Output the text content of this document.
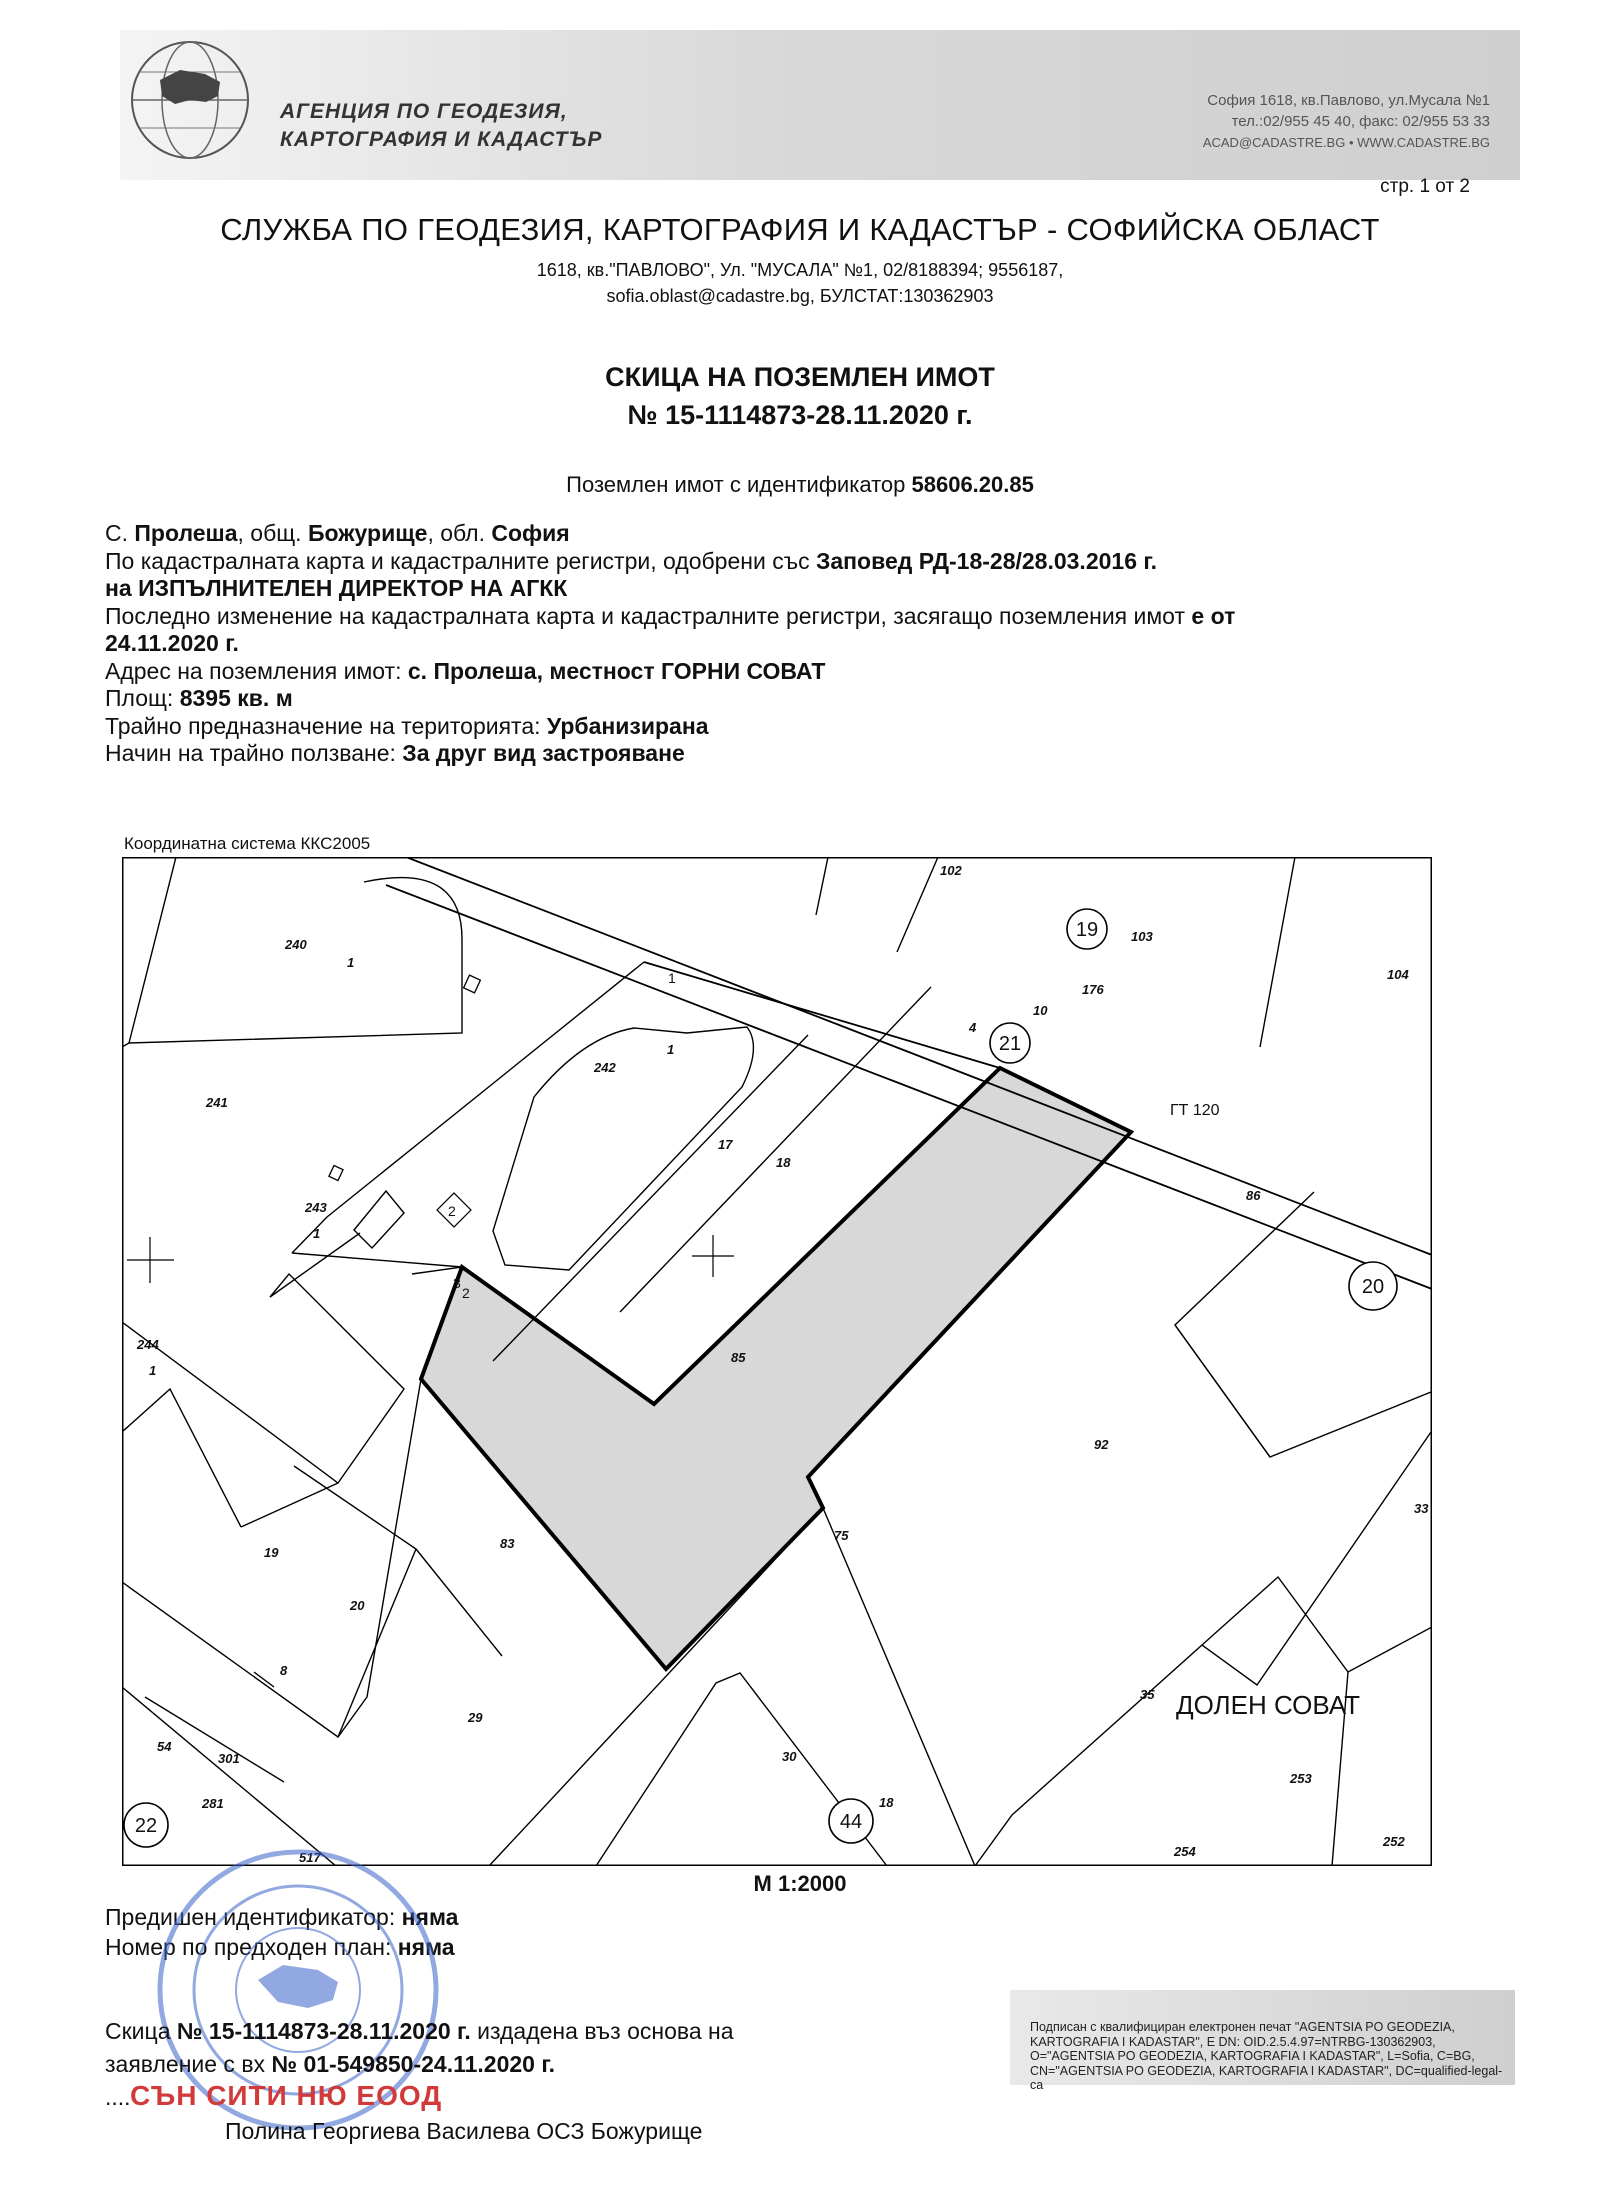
АГЕНЦИЯ ПО ГЕОДЕЗИЯ,
КАРТОГРАФИЯ И КАДАСТЪР
София 1618, кв.Павлово, ул.Мусала №1
тел.:02/955 45 40, факс: 02/955 53 33
ACAD@CADASTRE.BG • WWW.CADASTRE.BG
стр. 1 от 2
СЛУЖБА ПО ГЕОДЕЗИЯ, КАРТОГРАФИЯ И КАДАСТЪР - СОФИЙСКА ОБЛАСТ
1618, кв."ПАВЛОВО", Ул. "МУСАЛА" №1, 02/8188394; 9556187,
sofia.oblast@cadastre.bg, БУЛСТАТ:130362903
СКИЦА НА ПОЗЕМЛЕН ИМОТ
№ 15-1114873-28.11.2020 г.
Поземлен имот с идентификатор 58606.20.85
С. Пролеша, общ. Божурище, обл. София
По кадастралната карта и кадастралните регистри, одобрени със Заповед РД-18-28/28.03.2016 г.
на ИЗПЪЛНИТЕЛЕН ДИРЕКТОР НА АГКК
Последно изменение на кадастралната карта и кадастралните регистри, засягащо поземления имот е от
24.11.2020 г.
Адрес на поземления имот: с. Пролеша, местност ГОРНИ СОВАТ
Площ: 8395 кв. м
Трайно предназначение на територията: Урбанизирана
Начин на трайно ползване: За друг вид застрояване
Координатна система ККС2005
19
21
20
22	44
240
1
241
242
1
243
1
244
1
102
103
104
176
10
4
17
18
85
86
92
83
19
20
29
8
54
301
281
517
30
18
75
35
253
252
254
33
2
3
2
1
ГТ 120
ДОЛЕН СОВАТ
М 1:2000
Предишен идентификатор: няма
Номер по предходен план: няма
Подписан с квалифициран електронен печат "AGENTSIA PO GEODEZIA, KARTOGRAFIA I KADASTAR", E DN: OID.2.5.4.97=NTRBG-130362903, O="AGENTSIA PO GEODEZIA, KARTOGRAFIA I KADASTAR", L=Sofia, C=BG, CN="AGENTSIA PO GEODEZIA, KARTOGRAFIA I KADASTAR", DC=qualified-legal-ca
Скица № 15-1114873-28.11.2020 г. издадена въз основа на
заявление с вх № 01-549850-24.11.2020 г.
.... СЪН СИТИ НЮ ЕООД
Полина Георгиева Василева ОСЗ Божурище
